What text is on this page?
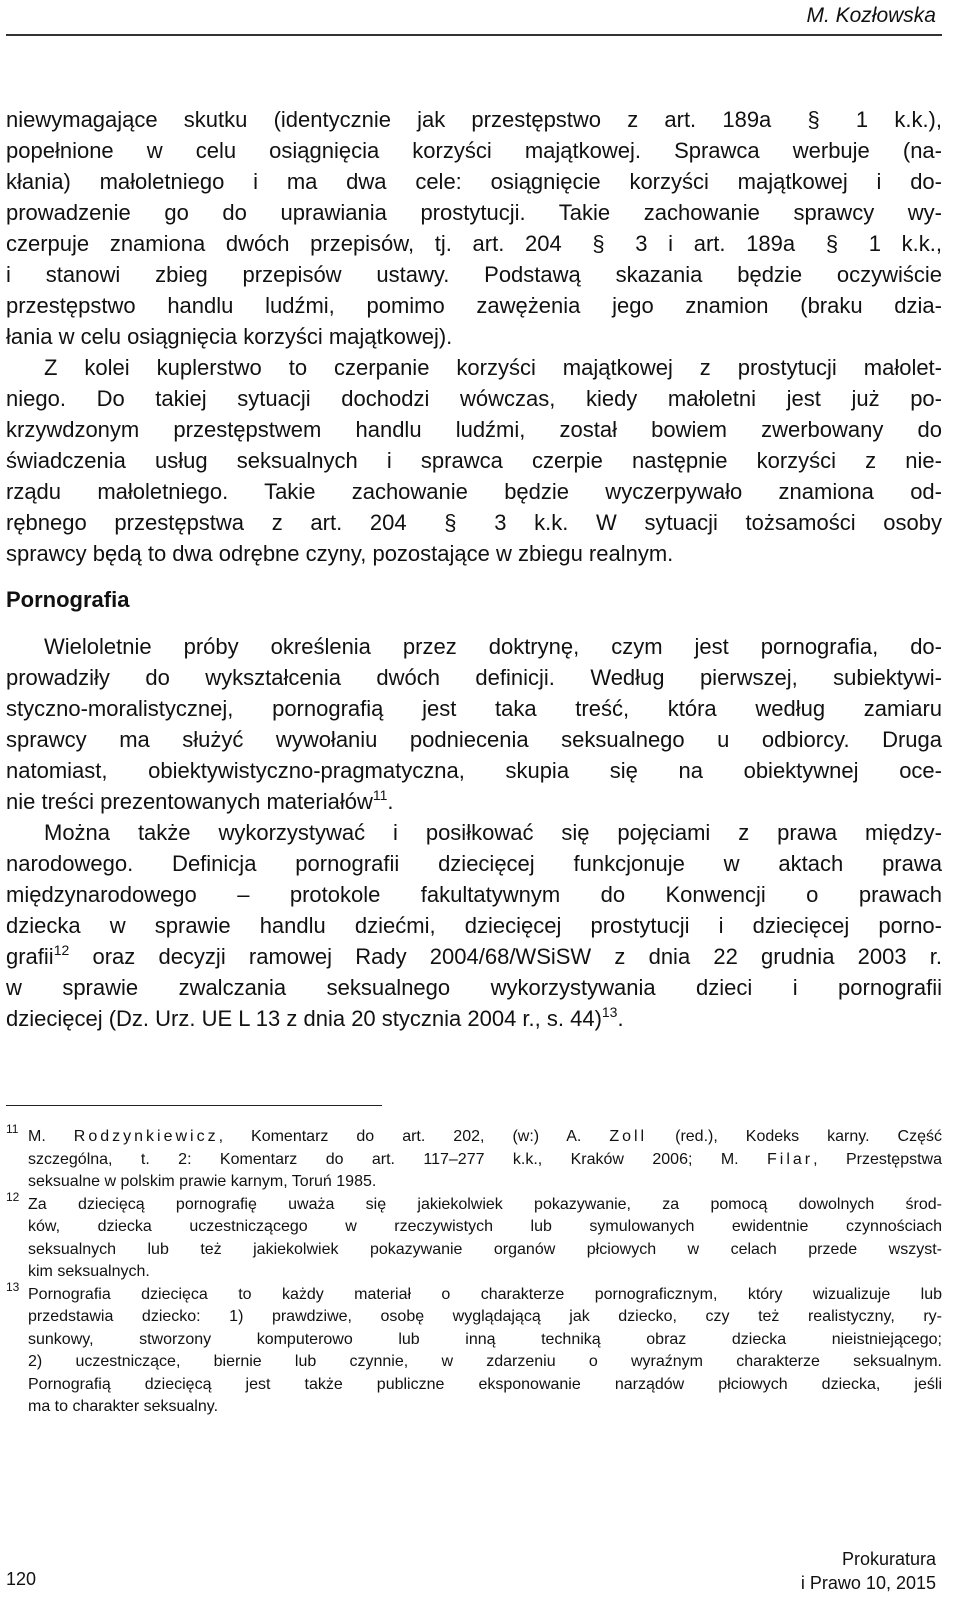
M. Kozłowska
niewymagające skutku (identycznie jak przestępstwo z art. 189a § 1 k.k.),
popełnione w celu osiągnięcia korzyści majątkowej. Sprawca werbuje (na-
kłania) małoletniego i ma dwa cele: osiągnięcie korzyści majątkowej i do-
prowadzenie go do uprawiania prostytucji. Takie zachowanie sprawcy wy-
czerpuje znamiona dwóch przepisów, tj. art. 204 § 3 i art. 189a § 1 k.k.,
i stanowi zbieg przepisów ustawy. Podstawą skazania będzie oczywiście
przestępstwo handlu ludźmi, pomimo zawężenia jego znamion (braku dzia-
łania w celu osiągnięcia korzyści majątkowej).
Z kolei kuplerstwo to czerpanie korzyści majątkowej z prostytucji małolet-
niego. Do takiej sytuacji dochodzi wówczas, kiedy małoletni jest już po-
krzywdzonym przestępstwem handlu ludźmi, został bowiem zwerbowany do
świadczenia usług seksualnych i sprawca czerpie następnie korzyści z nie-
rządu małoletniego. Takie zachowanie będzie wyczerpywało znamiona od-
rębnego przestępstwa z art. 204 § 3 k.k. W sytuacji tożsamości osoby
sprawcy będą to dwa odrębne czyny, pozostające w zbiegu realnym.
Pornografia
Wieloletnie próby określenia przez doktrynę, czym jest pornografia, do-
prowadziły do wykształcenia dwóch definicji. Według pierwszej, subiektywi-
styczno-moralistycznej, pornografią jest taka treść, która według zamiaru
sprawcy ma służyć wywołaniu podniecenia seksualnego u odbiorcy. Druga
natomiast, obiektywistyczno-pragmatyczna, skupia się na obiektywnej oce-
nie treści prezentowanych materiałów$^{11}$.
Można także wykorzystywać i posiłkować się pojęciami z prawa między-
narodowego. Definicja pornografii dziecięcej funkcjonuje w aktach prawa
międzynarodowego – protokole fakultatywnym do Konwencji o prawach
dziecka w sprawie handlu dziećmi, dziecięcej prostytucji i dziecięcej porno-
grafii$^{12}$ oraz decyzji ramowej Rady 2004/68/WSiSW z dnia 22 grudnia 2003 r.
w sprawie zwalczania seksualnego wykorzystywania dzieci i pornografii
dziecięcej (Dz. Urz. UE L 13 z dnia 20 stycznia 2004 r., s. 44)$^{13}$.
11 M. Rodzynkiewicz, Komentarz do art. 202, (w:) A. Zoll (red.), Kodeks karny. Część
szczególna, t. 2: Komentarz do art. 117–277 k.k., Kraków 2006; M. Filar, Przestępstwa
seksualne w polskim prawie karnym, Toruń 1985.
12 Za dziecięcą pornografię uważa się jakiekolwiek pokazywanie, za pomocą dowolnych środ-
ków, dziecka uczestniczącego w rzeczywistych lub symulowanych ewidentnie czynnościach
seksualnych lub też jakiekolwiek pokazywanie organów płciowych w celach przede wszyst-
kim seksualnych.
13 Pornografia dziecięca to każdy materiał o charakterze pornograficznym, który wizualizuje lub
przedstawia dziecko: 1) prawdziwe, osobę wyglądającą jak dziecko, czy też realistyczny, ry-
sunkowy, stworzony komputerowo lub inną techniką obraz dziecka nieistniejącego;
2) uczestniczące, biernie lub czynnie, w zdarzeniu o wyraźnym charakterze seksualnym.
Pornografią dziecięcą jest także publiczne eksponowanie narządów płciowych dziecka, jeśli
ma to charakter seksualny.
120
Prokuratura
i Prawo 10, 2015
